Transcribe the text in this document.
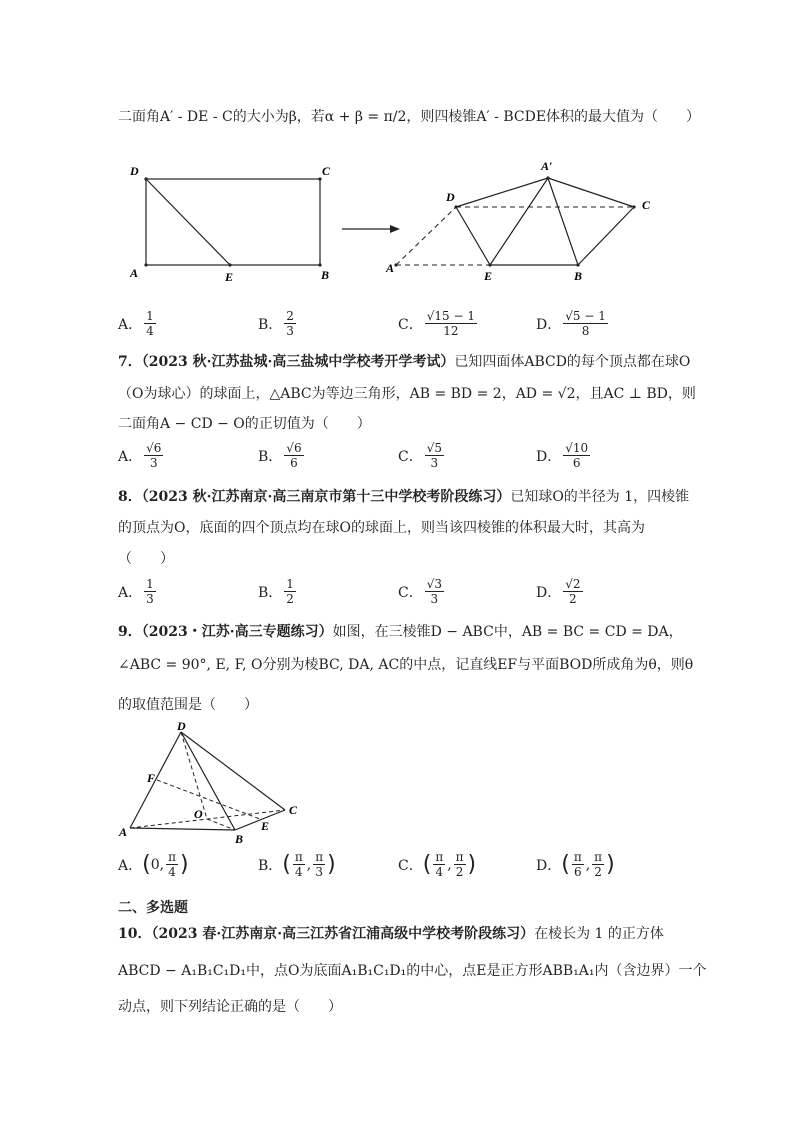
二面角A′ - DE - C的大小为β，若α + β = π/2，则四棱锥A′ - BCDE体积的最大值为（　　）
D	C
A	E	B
A′
D
C
A
E	B
A． $\frac{1}{4}$	B． $\frac{2}{3}$	C． $\frac{√15 - 1}{12}$	D． $\frac{√5 - 1}{8}$
7．（2023 秋·江苏盐城·高三盐城中学校考开学考试）已知四面体ABCD的每个顶点都在球O
（O为球心）的球面上，△ABC为等边三角形，AB = BD = 2，AD = √2，且AC ⊥ BD，则
二面角A − CD − O的正切值为（　　）
A． $\frac{√6}{3}$	B． $\frac{√6}{6}$	C． $\frac{√5}{3}$	D． $\frac{√10}{6}$
8．（2023 秋·江苏南京·高三南京市第十三中学校考阶段练习）已知球O的半径为 1，四棱锥
的顶点为O，底面的四个顶点均在球O的球面上，则当该四棱锥的体积最大时，其高为
（　　）
A． $\frac{1}{3}$	B． $\frac{1}{2}$	C． $\frac{√3}{3}$	D． $\frac{√2}{2}$
9．（2023・江苏·高三专题练习）如图，在三棱锥D − ABC中，AB = BC = CD = DA，
∠ABC = 90°, E, F, O分别为棱BC, DA, AC的中点，记直线EF与平面BOD所成角为θ，则θ
的取值范围是（　　）
D
F
O	C
A	B
E
A． ( 0 , $\frac{\pi}{4}$ )	B． ( $\frac{\pi}{4}$ , $\frac{\pi}{3}$ )	C． ( $\frac{\pi}{4}$ , $\frac{\pi}{2}$ )	D． ( $\frac{\pi}{6}$ , $\frac{\pi}{2}$ )
二、多选题
10．（2023 春·江苏南京·高三江苏省江浦高级中学校考阶段练习）在棱长为 1 的正方体
ABCD − A₁B₁C₁D₁中，点O为底面A₁B₁C₁D₁的中心，点E是正方形ABB₁A₁内（含边界）一个
动点，则下列结论正确的是（　　）
